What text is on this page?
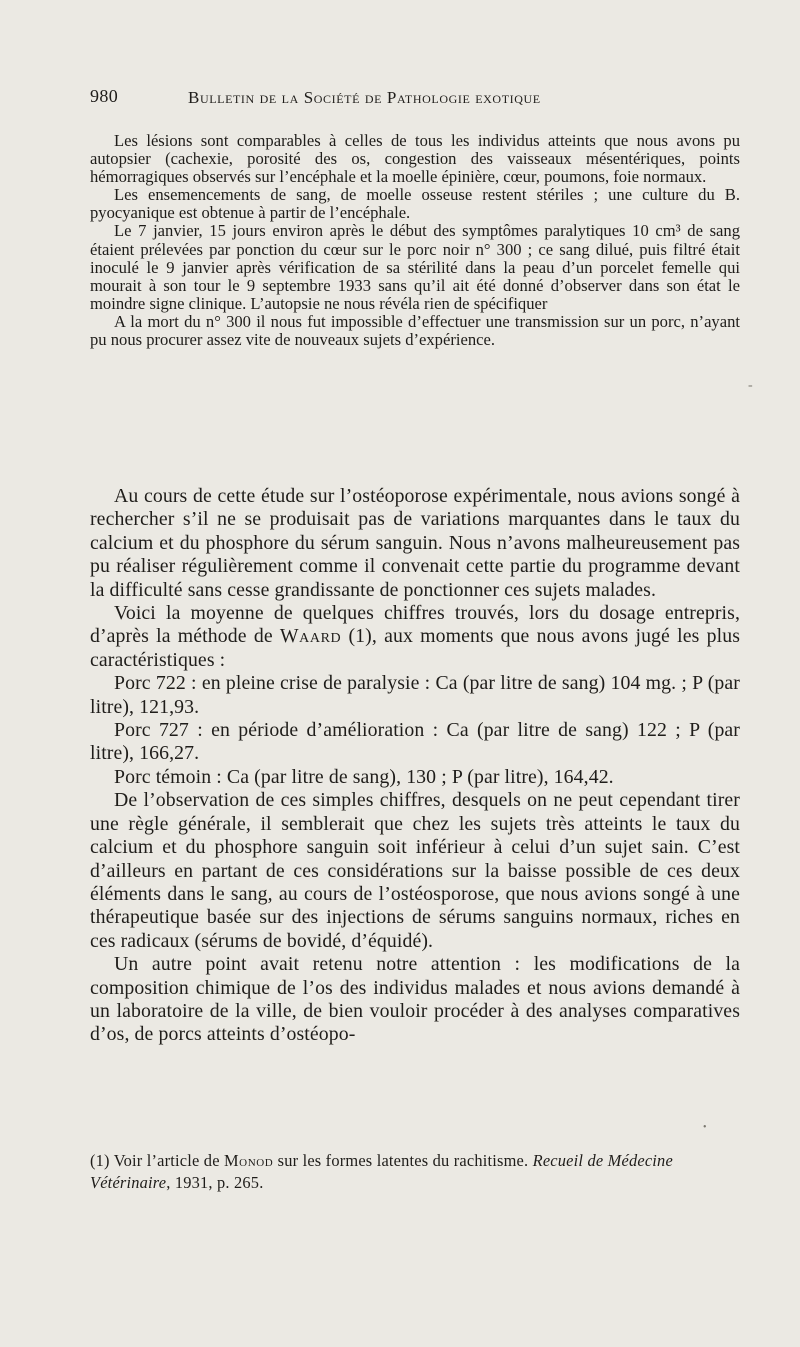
980	Bulletin de la Société de Pathologie exotique

Les lésions sont comparables à celles de tous les individus atteints que nous avons pu autopsier (cachexie, porosité des os, congestion des vaisseaux mésentériques, points hémorragiques observés sur l’encéphale et la moelle épinière, cœur, poumons, foie normaux.

Les ensemencements de sang, de moelle osseuse restent stériles ; une culture du B. pyocyanique est obtenue à partir de l’encéphale.

Le 7 janvier, 15 jours environ après le début des symptômes paralytiques 10 cm³ de sang étaient prélevées par ponction du cœur sur le porc noir n° 300 ; ce sang dilué, puis filtré était inoculé le 9 janvier après vérification de sa stérilité dans la peau d’un porcelet femelle qui mourait à son tour le 9 septembre 1933 sans qu’il ait été donné d’observer dans son état le moindre signe clinique. L’autopsie ne nous révéla rien de spécifiquer

A la mort du n° 300 il nous fut impossible d’effectuer une transmission sur un porc, n’ayant pu nous procurer assez vite de nouveaux sujets d’expérience.

Au cours de cette étude sur l’ostéoporose expérimentale, nous avions songé à rechercher s’il ne se produisait pas de variations marquantes dans le taux du calcium et du phosphore du sérum sanguin. Nous n’avons malheureusement pas pu réaliser régulièrement comme il convenait cette partie du programme devant la difficulté sans cesse grandissante de ponctionner ces sujets malades.

Voici la moyenne de quelques chiffres trouvés, lors du dosage entrepris, d’après la méthode de Waard (1), aux moments que nous avons jugé les plus caractéristiques :

Porc 722 : en pleine crise de paralysie : Ca (par litre de sang) 104 mg. ; P (par litre), 121,93.

Porc 727 : en période d’amélioration : Ca (par litre de sang) 122 ; P (par litre), 166,27.

Porc témoin : Ca (par litre de sang), 130 ; P (par litre), 164,42.

De l’observation de ces simples chiffres, desquels on ne peut cependant tirer une règle générale, il semblerait que chez les sujets très atteints le taux du calcium et du phosphore sanguin soit inférieur à celui d’un sujet sain. C’est d’ailleurs en partant de ces considérations sur la baisse possible de ces deux éléments dans le sang, au cours de l’ostéosporose, que nous avions songé à une thérapeutique basée sur des injections de sérums sanguins normaux, riches en ces radicaux (sérums de bovidé, d’équidé).

Un autre point avait retenu notre attention : les modifications de la composition chimique de l’os des individus malades et nous avions demandé à un laboratoire de la ville, de bien vouloir procéder à des analyses comparatives d’os, de porcs atteints d’ostéopo-

(1) Voir l’article de Monod sur les formes latentes du rachitisme. Recueil de Médecine Vétérinaire, 1931, p. 265.
-
•
